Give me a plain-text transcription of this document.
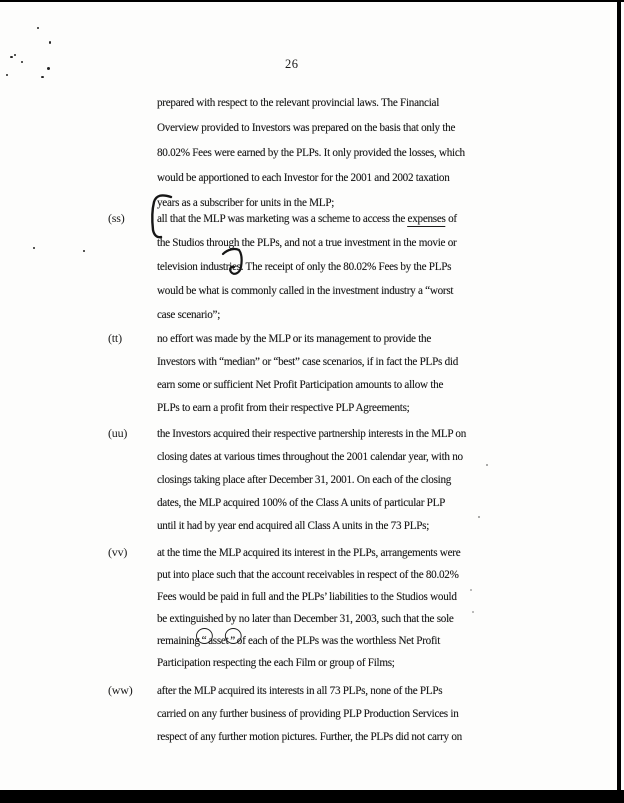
26
prepared with respect to the relevant provincial laws. The Financial
Overview provided to Investors was prepared on the basis that only the
80.02% Fees were earned by the PLPs. It only provided the losses, which
would be apportioned to each Investor for the 2001 and 2002 taxation
years as a subscriber for units in the MLP;
(ss)	all that the MLP was marketing was a scheme to access the expenses of
the Studios through the PLPs, and not a true investment in the movie or
television industries. The receipt of only the 80.02% Fees by the PLPs
would be what is commonly called in the investment industry a “worst
case scenario”;
(tt)	no effort was made by the MLP or its management to provide the
Investors with “median” or “best” case scenarios, if in fact the PLPs did
earn some or sufficient Net Profit Participation amounts to allow the
PLPs to earn a profit from their respective PLP Agreements;
(uu)	the Investors acquired their respective partnership interests in the MLP on
closing dates at various times throughout the 2001 calendar year, with no
closings taking place after December 31, 2001. On each of the closing
dates, the MLP acquired 100% of the Class A units of particular PLP
until it had by year end acquired all Class A units in the 73 PLPs;
(vv)	at the time the MLP acquired its interest in the PLPs, arrangements were
put into place such that the account receivables in respect of the 80.02%
Fees would be paid in full and the PLPs’ liabilities to the Studios would
be extinguished by no later than December 31, 2003, such that the sole
remaining “ asset ” of each of the PLPs was the worthless Net Profit
Participation respecting the each Film or group of Films;
(ww)	after the MLP acquired its interests in all 73 PLPs, none of the PLPs
carried on any further business of providing PLP Production Services in
respect of any further motion pictures. Further, the PLPs did not carry on
